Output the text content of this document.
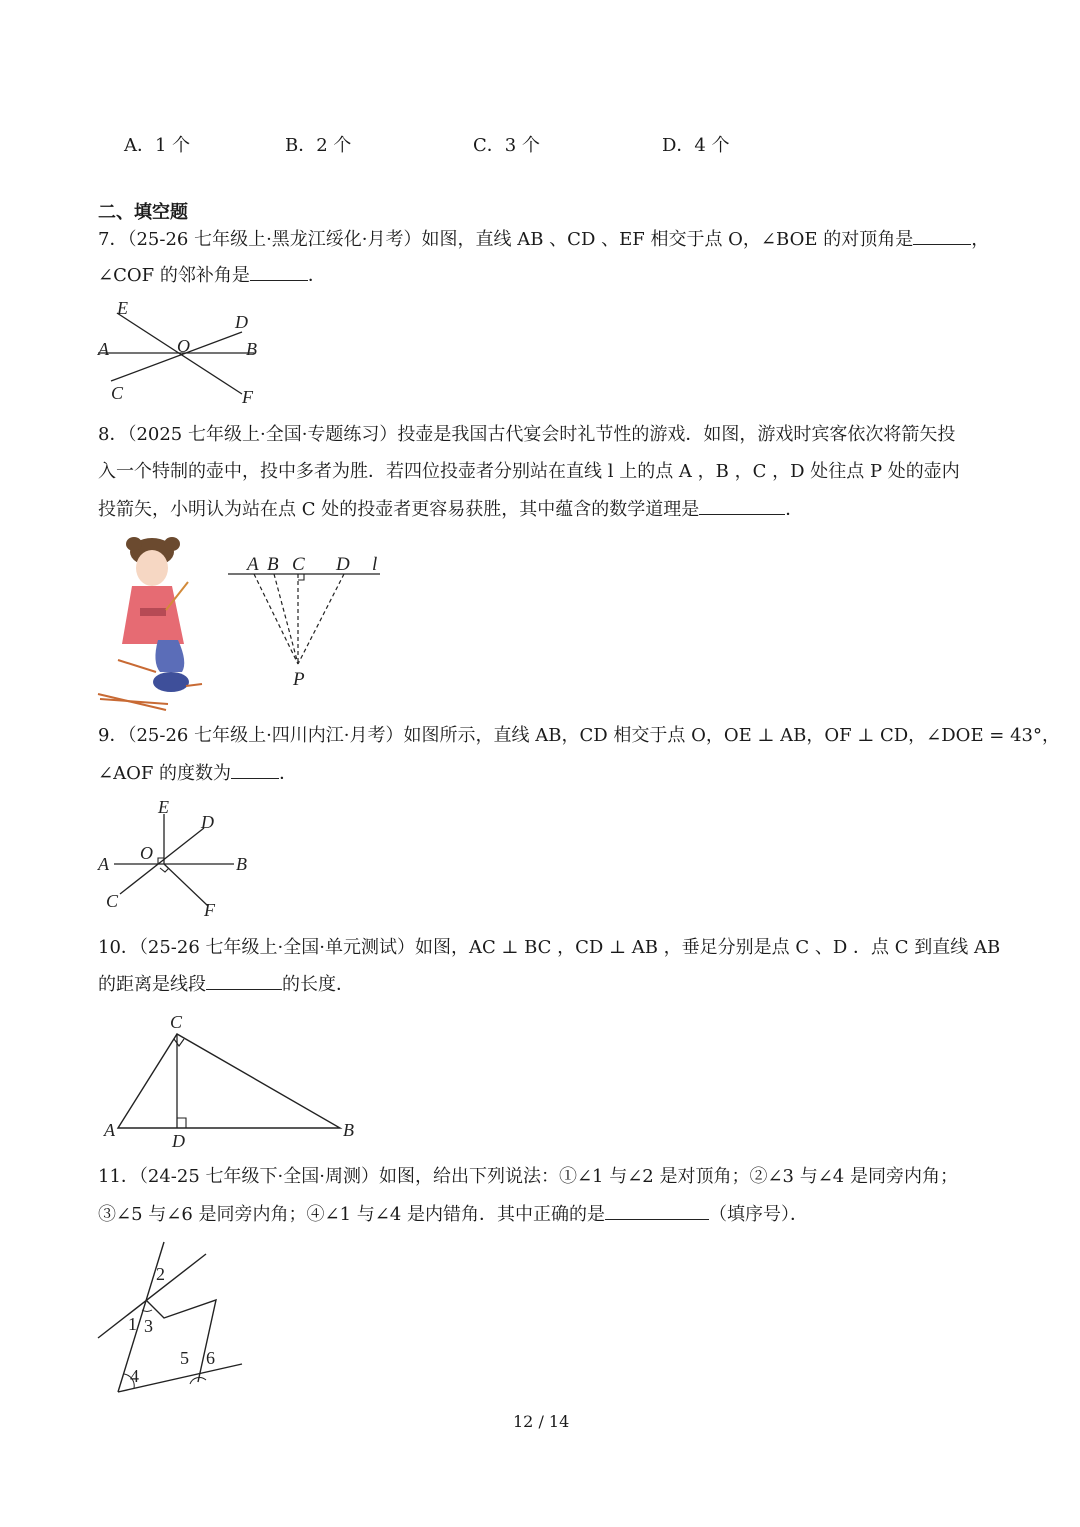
A．1 个	B．2 个	C．3 个	D．4 个
二、填空题
7．（25-26 七年级上·黑龙江绥化·月考）如图，直线 AB 、CD 、EF 相交于点 O，∠BOE 的对顶角是	，
∠COF 的邻补角是	．
E
D
A	O	B
C	F
8．（2025 七年级上·全国·专题练习）投壶是我国古代宴会时礼节性的游戏．如图，游戏时宾客依次将箭矢投
入一个特制的壶中，投中多者为胜．若四位投壶者分别站在直线 l 上的点 A ，B ，C ，D 处往点 P 处的壶内
投箭矢，小明认为站在点 C 处的投壶者更容易获胜，其中蕴含的数学道理是	．
A B C D l
P
9．（25-26 七年级上·四川内江·月考）如图所示，直线 AB，CD 相交于点 O，OE ⊥ AB，OF ⊥ CD，∠DOE = 43°，
∠AOF 的度数为	．
E
D
O
A	B
C	F
10．（25-26 七年级上·全国·单元测试）如图，AC ⊥ BC ，CD ⊥ AB ，垂足分别是点 C 、D ．点 C 到直线 AB
的距离是线段	的长度．
C
A
D
B
11．（24-25 七年级下·全国·周测）如图，给出下列说法：①∠1 与∠2 是对顶角；②∠3 与∠4 是同旁内角；
③∠5 与∠6 是同旁内角；④∠1 与∠4 是内错角．其中正确的是	（填序号）．
2
1 3
4
5 6
12 / 14
